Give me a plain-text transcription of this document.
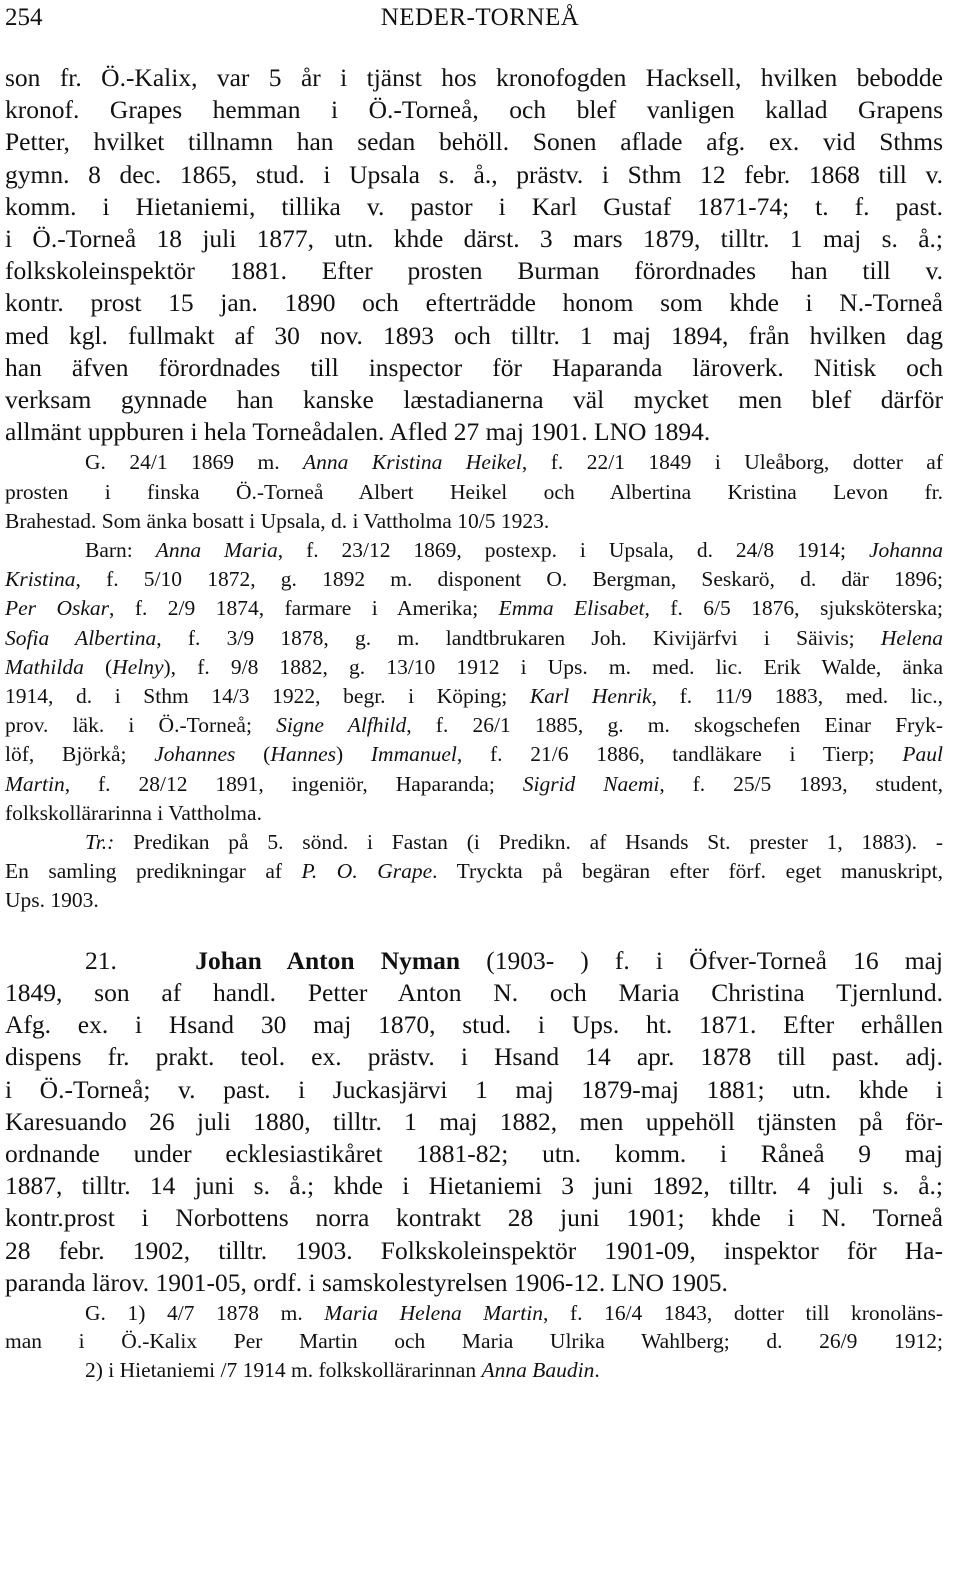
254	NEDER-TORNEÅ
son fr. Ö.-Kalix, var 5 år i tjänst hos kronofogden Hacksell, hvilken bebodde
kronof. Grapes hemman i Ö.-Torneå, och blef vanligen kallad Grapens
Petter, hvilket tillnamn han sedan behöll. Sonen aflade afg. ex. vid Sthms
gymn. 8 dec. 1865, stud. i Upsala s. å., prästv. i Sthm 12 febr. 1868 till v.
komm. i Hietaniemi, tillika v. pastor i Karl Gustaf 1871-74; t. f. past.
i Ö.-Torneå 18 juli 1877, utn. khde därst. 3 mars 1879, tilltr. 1 maj s. å.;
folkskoleinspektör 1881. Efter prosten Burman förordnades han till v.
kontr. prost 15 jan. 1890 och efterträdde honom som khde i N.-Torneå
med kgl. fullmakt af 30 nov. 1893 och tilltr. 1 maj 1894, från hvilken dag
han äfven förordnades till inspector för Haparanda läroverk. Nitisk och
verksam gynnade han kanske læstadianerna väl mycket men blef därför
allmänt uppburen i hela Torneådalen. Afled 27 maj 1901. LNO 1894.
G. 24/1 1869 m. Anna Kristina Heikel, f. 22/1 1849 i Uleåborg, dotter af
prosten i finska Ö.-Torneå Albert Heikel och Albertina Kristina Levon fr.
Brahestad. Som änka bosatt i Upsala, d. i Vattholma 10/5 1923.
Barn: Anna Maria, f. 23/12 1869, postexp. i Upsala, d. 24/8 1914; Johanna
Kristina, f. 5/10 1872, g. 1892 m. disponent O. Bergman, Seskarö, d. där 1896;
Per Oskar, f. 2/9 1874, farmare i Amerika; Emma Elisabet, f. 6/5 1876, sjuksköterska;
Sofia Albertina, f. 3/9 1878, g. m. landtbrukaren Joh. Kivijärfvi i Säivis; Helena
Mathilda (Helny), f. 9/8 1882, g. 13/10 1912 i Ups. m. med. lic. Erik Walde, änka
1914, d. i Sthm 14/3 1922, begr. i Köping; Karl Henrik, f. 11/9 1883, med. lic.,
prov. läk. i Ö.-Torneå; Signe Alfhild, f. 26/1 1885, g. m. skogschefen Einar Fryk-
löf, Björkå; Johannes (Hannes) Immanuel, f. 21/6 1886, tandläkare i Tierp; Paul
Martin, f. 28/12 1891, ingeniör, Haparanda; Sigrid Naemi, f. 25/5 1893, student,
folkskollärarinna i Vattholma.
Tr.: Predikan på 5. sönd. i Fastan (i Predikn. af Hsands St. prester 1, 1883). -
En samling predikningar af P. O. Grape. Tryckta på begäran efter förf. eget manuskript,
Ups. 1903.
21.	Johan Anton Nyman (1903- ) f. i Öfver-Torneå 16 maj
1849, son af handl. Petter Anton N. och Maria Christina Tjernlund.
Afg. ex. i Hsand 30 maj 1870, stud. i Ups. ht. 1871. Efter erhållen
dispens fr. prakt. teol. ex. prästv. i Hsand 14 apr. 1878 till past. adj.
i Ö.-Torneå; v. past. i Juckasjärvi 1 maj 1879-maj 1881; utn. khde i
Karesuando 26 juli 1880, tilltr. 1 maj 1882, men uppehöll tjänsten på för-
ordnande under ecklesiastikåret 1881-82; utn. komm. i Råneå 9 maj
1887, tilltr. 14 juni s. å.; khde i Hietaniemi 3 juni 1892, tilltr. 4 juli s. å.;
kontr.prost i Norbottens norra kontrakt 28 juni 1901; khde i N. Torneå
28 febr. 1902, tilltr. 1903. Folkskoleinspektör 1901-09, inspektor för Ha-
paranda lärov. 1901-05, ordf. i samskolestyrelsen 1906-12. LNO 1905.
G. 1) 4/7 1878 m. Maria Helena Martin, f. 16/4 1843, dotter till kronoläns-
man i Ö.-Kalix Per Martin och Maria Ulrika Wahlberg; d. 26/9 1912;
2) i Hietaniemi /7 1914 m. folkskollärarinnan Anna Baudin.
